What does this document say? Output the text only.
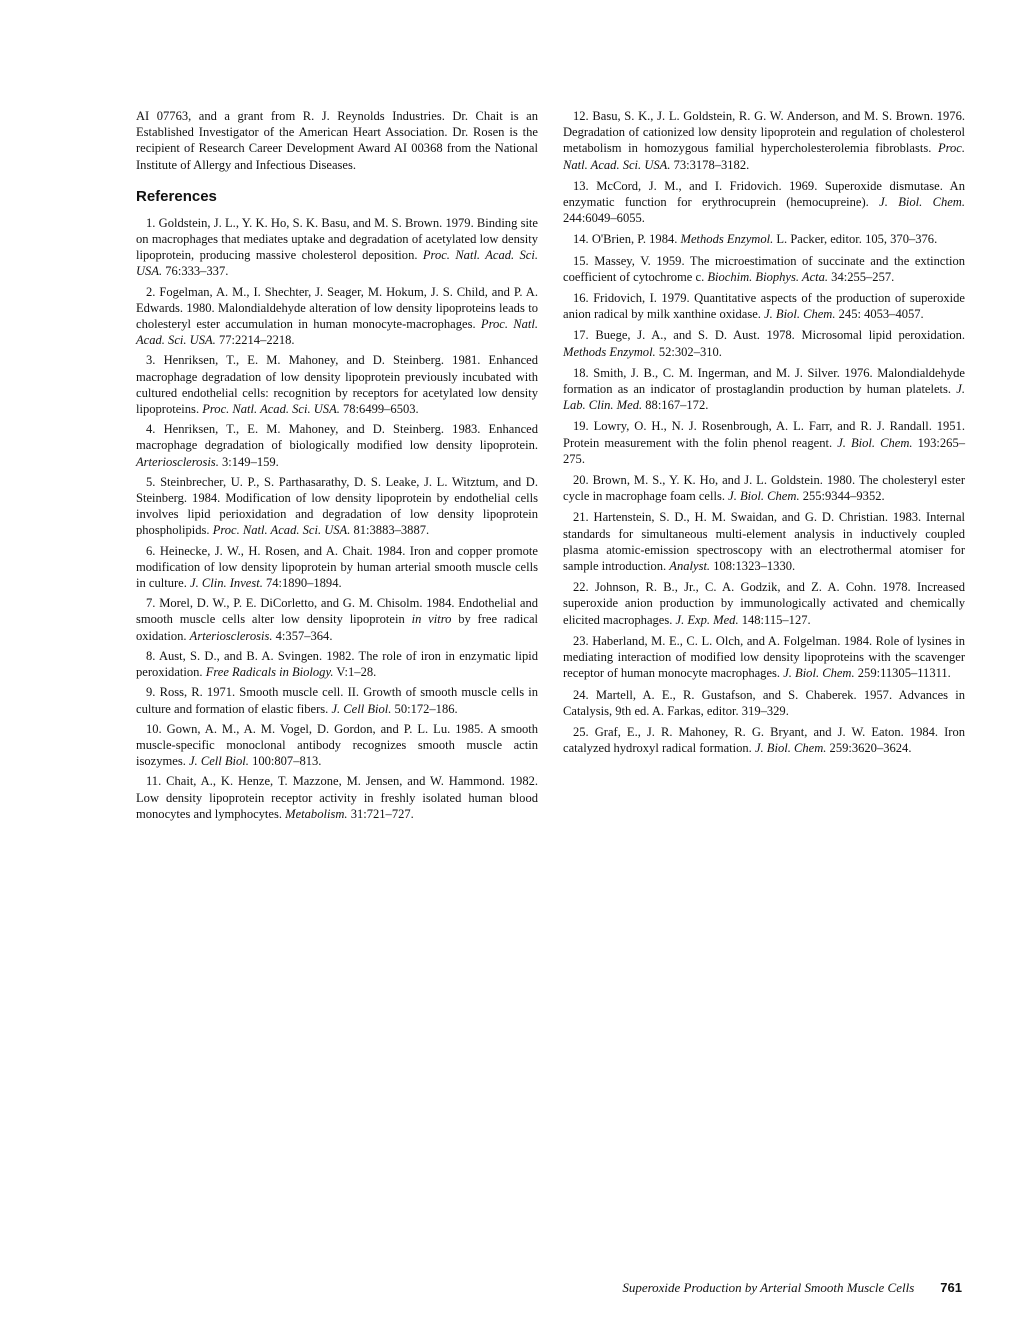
AI 07763, and a grant from R. J. Reynolds Industries. Dr. Chait is an Established Investigator of the American Heart Association. Dr. Rosen is the recipient of Research Career Development Award AI 00368 from the National Institute of Allergy and Infectious Diseases.

References

1. Goldstein, J. L., Y. K. Ho, S. K. Basu, and M. S. Brown. 1979. Binding site on macrophages that mediates uptake and degradation of acetylated low density lipoprotein, producing massive cholesterol deposition. Proc. Natl. Acad. Sci. USA. 76:333–337.

2. Fogelman, A. M., I. Shechter, J. Seager, M. Hokum, J. S. Child, and P. A. Edwards. 1980. Malondialdehyde alteration of low density lipoproteins leads to cholesteryl ester accumulation in human monocyte-macrophages. Proc. Natl. Acad. Sci. USA. 77:2214–2218.

3. Henriksen, T., E. M. Mahoney, and D. Steinberg. 1981. Enhanced macrophage degradation of low density lipoprotein previously incubated with cultured endothelial cells: recognition by receptors for acetylated low density lipoproteins. Proc. Natl. Acad. Sci. USA. 78:6499–6503.

4. Henriksen, T., E. M. Mahoney, and D. Steinberg. 1983. Enhanced macrophage degradation of biologically modified low density lipoprotein. Arteriosclerosis. 3:149–159.

5. Steinbrecher, U. P., S. Parthasarathy, D. S. Leake, J. L. Witztum, and D. Steinberg. 1984. Modification of low density lipoprotein by endothelial cells involves lipid perioxidation and degradation of low density lipoprotein phospholipids. Proc. Natl. Acad. Sci. USA. 81:3883–3887.

6. Heinecke, J. W., H. Rosen, and A. Chait. 1984. Iron and copper promote modification of low density lipoprotein by human arterial smooth muscle cells in culture. J. Clin. Invest. 74:1890–1894.

7. Morel, D. W., P. E. DiCorletto, and G. M. Chisolm. 1984. Endothelial and smooth muscle cells alter low density lipoprotein in vitro by free radical oxidation. Arteriosclerosis. 4:357–364.

8. Aust, S. D., and B. A. Svingen. 1982. The role of iron in enzymatic lipid peroxidation. Free Radicals in Biology. V:1–28.

9. Ross, R. 1971. Smooth muscle cell. II. Growth of smooth muscle cells in culture and formation of elastic fibers. J. Cell Biol. 50:172–186.

10. Gown, A. M., A. M. Vogel, D. Gordon, and P. L. Lu. 1985. A smooth muscle-specific monoclonal antibody recognizes smooth muscle actin isozymes. J. Cell Biol. 100:807–813.

11. Chait, A., K. Henze, T. Mazzone, M. Jensen, and W. Hammond. 1982. Low density lipoprotein receptor activity in freshly isolated human blood monocytes and lymphocytes. Metabolism. 31:721–727.

12. Basu, S. K., J. L. Goldstein, R. G. W. Anderson, and M. S. Brown. 1976. Degradation of cationized low density lipoprotein and regulation of cholesterol metabolism in homozygous familial hypercholesterolemia fibroblasts. Proc. Natl. Acad. Sci. USA. 73:3178–3182.

13. McCord, J. M., and I. Fridovich. 1969. Superoxide dismutase. An enzymatic function for erythrocuprein (hemocupreine). J. Biol. Chem. 244:6049–6055.

14. O'Brien, P. 1984. Methods Enzymol. L. Packer, editor. 105, 370–376.

15. Massey, V. 1959. The microestimation of succinate and the extinction coefficient of cytochrome c. Biochim. Biophys. Acta. 34:255–257.

16. Fridovich, I. 1979. Quantitative aspects of the production of superoxide anion radical by milk xanthine oxidase. J. Biol. Chem. 245: 4053–4057.

17. Buege, J. A., and S. D. Aust. 1978. Microsomal lipid peroxidation. Methods Enzymol. 52:302–310.

18. Smith, J. B., C. M. Ingerman, and M. J. Silver. 1976. Malondialdehyde formation as an indicator of prostaglandin production by human platelets. J. Lab. Clin. Med. 88:167–172.

19. Lowry, O. H., N. J. Rosenbrough, A. L. Farr, and R. J. Randall. 1951. Protein measurement with the folin phenol reagent. J. Biol. Chem. 193:265–275.

20. Brown, M. S., Y. K. Ho, and J. L. Goldstein. 1980. The cholesteryl ester cycle in macrophage foam cells. J. Biol. Chem. 255:9344–9352.

21. Hartenstein, S. D., H. M. Swaidan, and G. D. Christian. 1983. Internal standards for simultaneous multi-element analysis in inductively coupled plasma atomic-emission spectroscopy with an electrothermal atomiser for sample introduction. Analyst. 108:1323–1330.

22. Johnson, R. B., Jr., C. A. Godzik, and Z. A. Cohn. 1978. Increased superoxide anion production by immunologically activated and chemically elicited macrophages. J. Exp. Med. 148:115–127.

23. Haberland, M. E., C. L. Olch, and A. Folgelman. 1984. Role of lysines in mediating interaction of modified low density lipoproteins with the scavenger receptor of human monocyte macrophages. J. Biol. Chem. 259:11305–11311.

24. Martell, A. E., R. Gustafson, and S. Chaberek. 1957. Advances in Catalysis, 9th ed. A. Farkas, editor. 319–329.

25. Graf, E., J. R. Mahoney, R. G. Bryant, and J. W. Eaton. 1984. Iron catalyzed hydroxyl radical formation. J. Biol. Chem. 259:3620–3624.

Superoxide Production by Arterial Smooth Muscle Cells 761
